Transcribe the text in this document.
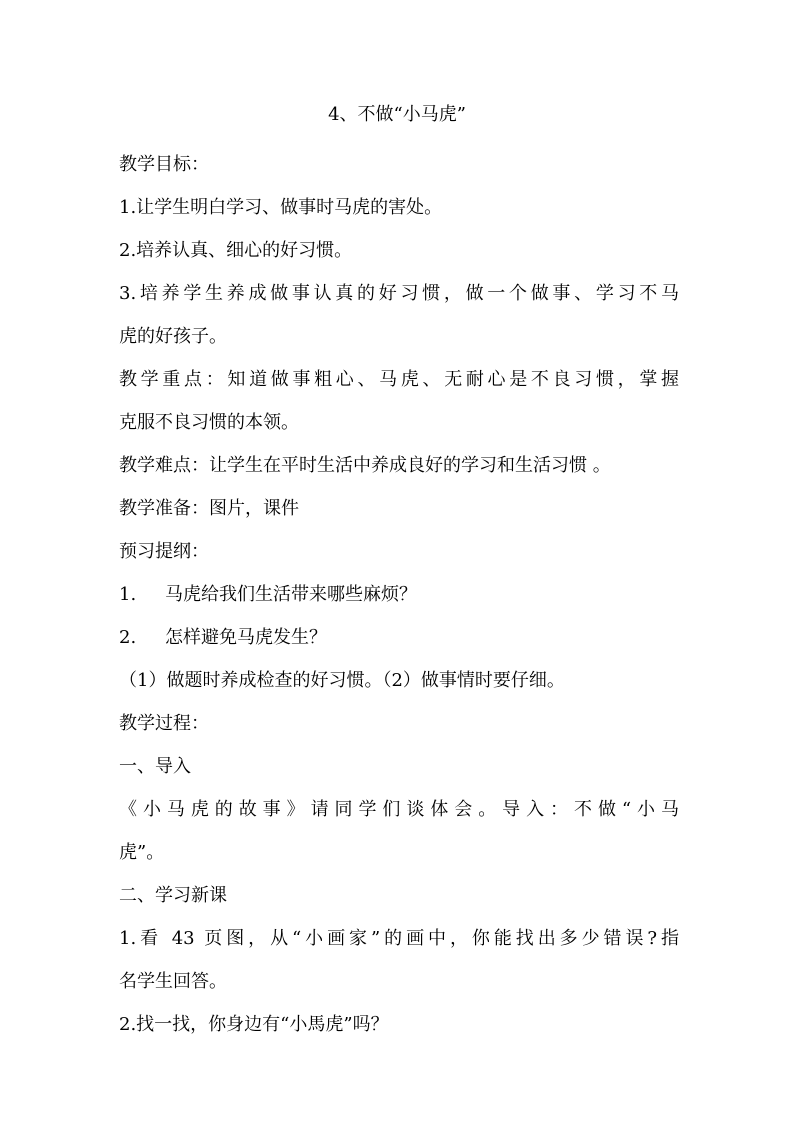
4、不做“小马虎”

教学目标：

1.让学生明白学习、做事时马虎的害处。

2.培养认真、细心的好习惯。

3.培养学生养成做事认真的好习惯，做一个做事、学习不马

虎的好孩子。

教学重点：知道做事粗心、马虎、无耐心是不良习惯，掌握

克服不良习惯的本领。

教学难点：让学生在平时生活中养成良好的学习和生活习惯 。

教学准备：图片，课件

预习提纲：

1.	马虎给我们生活带来哪些麻烦？

2.	怎样避免马虎发生？

（1）做题时养成检查的好习惯。（2）做事情时要仔细。

教学过程：

一、导入

《小马虎的故事》请同学们谈体会。导入：不做“小马

虎”。

二、学习新课

1.看 43 页图，从“小画家”的画中，你能找出多少错误?指

名学生回答。

2.找一找，你身边有“小馬虎”吗？
